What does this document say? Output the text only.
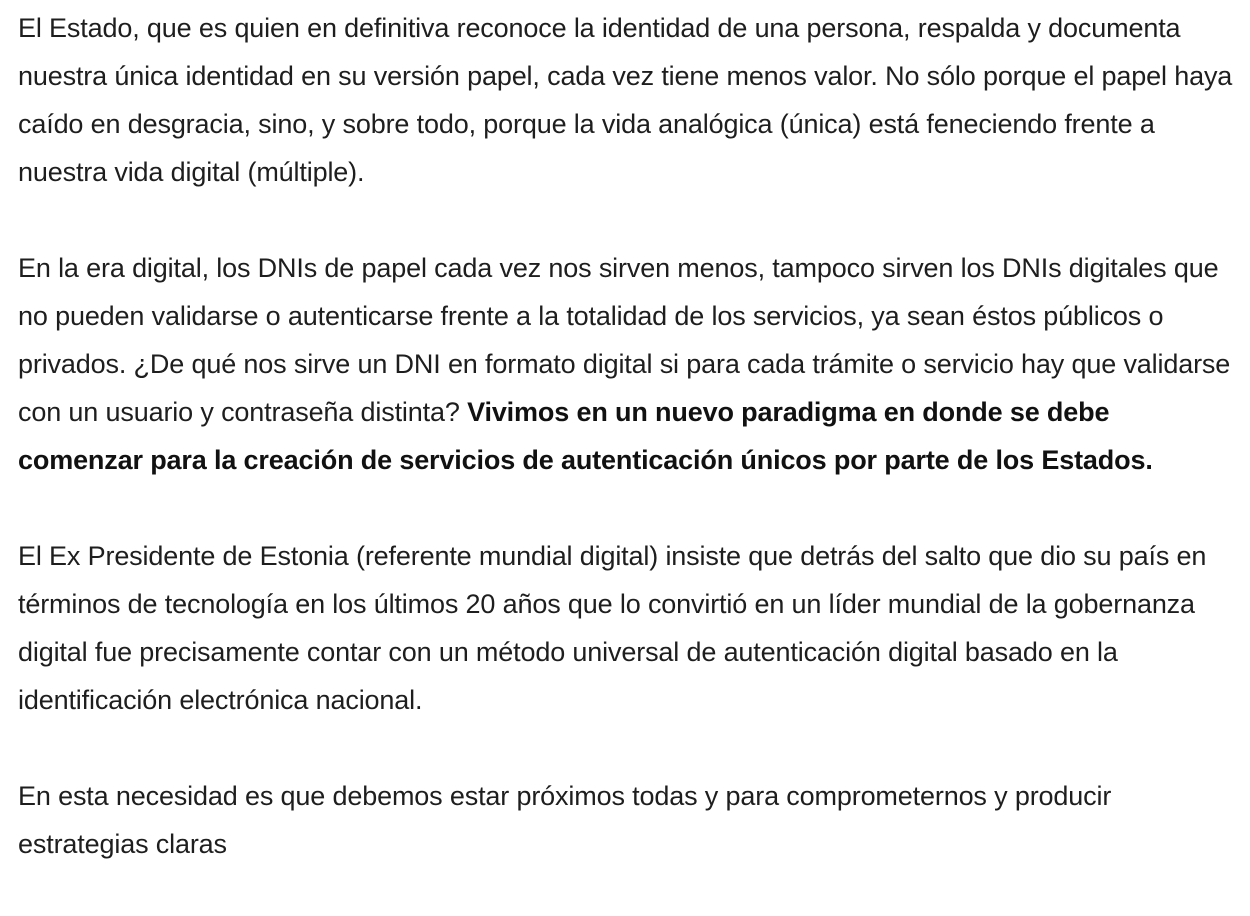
El Estado, que es quien en definitiva reconoce la identidad de una persona, respalda y documenta nuestra única identidad en su versión papel, cada vez tiene menos valor. No sólo porque el papel haya caído en desgracia, sino, y sobre todo, porque la vida analógica (única) está feneciendo frente a nuestra vida digital (múltiple).

En la era digital, los DNIs de papel cada vez nos sirven menos, tampoco sirven los DNIs digitales que no pueden validarse o autenticarse frente a la totalidad de los servicios, ya sean éstos públicos o privados. ¿De qué nos sirve un DNI en formato digital si para cada trámite o servicio hay que validarse con un usuario y contraseña distinta? Vivimos en un nuevo paradigma en donde se debe comenzar para la creación de servicios de autenticación únicos por parte de los Estados.

El Ex Presidente de Estonia (referente mundial digital) insiste que detrás del salto que dio su país en términos de tecnología en los últimos 20 años que lo convirtió en un líder mundial de la gobernanza digital fue precisamente contar con un método universal de autenticación digital basado en la identificación electrónica nacional.

En esta necesidad es que debemos estar próximos todas y para comprometernos y producir estrategias claras
